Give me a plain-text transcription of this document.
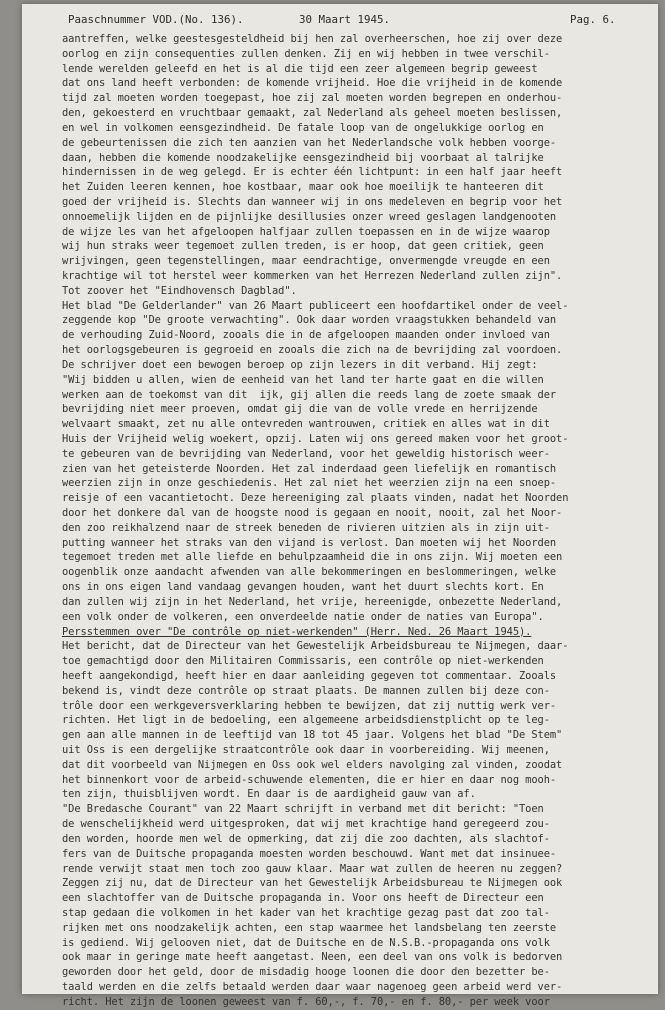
Paaschnummer VOD.(No. 136).	30 Maart 1945.	Pag. 6.
aantreffen, welke geestesgesteldheid bij hen zal overheerschen, hoe zij over deze
oorlog en zijn consequenties zullen denken. Zij en wij hebben in twee verschil-
lende werelden geleefd en het is al die tijd een zeer algemeen begrip geweest
dat ons land heeft verbonden: de komende vrijheid. Hoe die vrijheid in de komende
tijd zal moeten worden toegepast, hoe zij zal moeten worden begrepen en onderhou-
den, gekoesterd en vruchtbaar gemaakt, zal Nederland als geheel moeten beslissen,
en wel in volkomen eensgezindheid. De fatale loop van de ongelukkige oorlog en
de gebeurtenissen die zich ten aanzien van het Nederlandsche volk hebben voorge-
daan, hebben die komende noodzakelijke eensgezindheid bij voorbaat al talrijke
hindernissen in de weg gelegd. Er is echter één lichtpunt: in een half jaar heeft
het Zuiden leeren kennen, hoe kostbaar, maar ook hoe moeilijk te hanteeren dit
goed der vrijheid is. Slechts dan wanneer wij in ons medeleven en begrip voor het
onnoemelijk lijden en de pijnlijke desillusies onzer wreed geslagen landgenooten
de wijze les van het afgeloopen halfjaar zullen toepassen en in de wijze waarop
wij hun straks weer tegemoet zullen treden, is er hoop, dat geen critiek, geen
wrijvingen, geen tegenstellingen, maar eendrachtige, onvermengde vreugde en een
krachtige wil tot herstel weer kommerken van het Herrezen Nederland zullen zijn".
Tot zoover het "Eindhovensch Dagblad".
Het blad "De Gelderlander" van 26 Maart publiceert een hoofdartikel onder de veel-
zeggende kop "De groote verwachting". Ook daar worden vraagstukken behandeld van
de verhouding Zuid-Noord, zooals die in de afgeloopen maanden onder invloed van
het oorlogsgebeuren is gegroeid en zooals die zich na de bevrijding zal voordoen.
De schrijver doet een bewogen beroep op zijn lezers in dit verband. Hij zegt:
"Wij bidden u allen, wien de eenheid van het land ter harte gaat en die willen
werken aan de toekomst van dit  ijk, gij allen die reeds lang de zoete smaak der
bevrijding niet meer proeven, omdat gij die van de volle vrede en herrijzende
welvaart smaakt, zet nu alle ontevreden wantrouwen, critiek en alles wat in dit
Huis der Vrijheid welig woekert, opzij. Laten wij ons gereed maken voor het groot-
te gebeuren van de bevrijding van Nederland, voor het geweldig historisch weer-
zien van het geteisterde Noorden. Het zal inderdaad geen liefelijk en romantisch
weerzien zijn in onze geschiedenis. Het zal niet het weerzien zijn na een snoep-
reisje of een vacantietocht. Deze hereeniging zal plaats vinden, nadat het Noorden
door het donkere dal van de hoogste nood is gegaan en nooit, nooit, zal het Noor-
den zoo reikhalzend naar de streek beneden de rivieren uitzien als in zijn uit-
putting wanneer het straks van den vijand is verlost. Dan moeten wij het Noorden
tegemoet treden met alle liefde en behulpzaamheid die in ons zijn. Wij moeten een
oogenblik onze aandacht afwenden van alle bekommeringen en beslommeringen, welke
ons in ons eigen land vandaag gevangen houden, want het duurt slechts kort. En
dan zullen wij zijn in het Nederland, het vrije, hereenigde, onbezette Nederland,
een volk onder de volkeren, een onverdeelde natie onder de naties van Europa".
Persstemmen over "De contrôle op niet-werkenden" (Herr. Ned. 26 Maart 1945).
Het bericht, dat de Directeur van het Gewestelijk Arbeidsbureau te Nijmegen, daar-
toe gemachtigd door den Militairen Commissaris, een contrôle op niet-werkenden
heeft aangekondigd, heeft hier en daar aanleiding gegeven tot commentaar. Zooals
bekend is, vindt deze contrôle op straat plaats. De mannen zullen bij deze con-
trôle door een werkgeversverklaring hebben te bewijzen, dat zij nuttig werk ver-
richten. Het ligt in de bedoeling, een algemeene arbeidsdienstplicht op te leg-
gen aan alle mannen in de leeftijd van 18 tot 45 jaar. Volgens het blad "De Stem"
uit Oss is een dergelijke straatcontrôle ook daar in voorbereiding. Wij meenen,
dat dit voorbeeld van Nijmegen en Oss ook wel elders navolging zal vinden, zoodat
het binnenkort voor de arbeid-schuwende elementen, die er hier en daar nog mooh-
ten zijn, thuisblijven wordt. En daar is de aardigheid gauw van af.
"De Bredasche Courant" van 22 Maart schrijft in verband met dit bericht: "Toen
de wenschelijkheid werd uitgesproken, dat wij met krachtige hand geregeerd zou-
den worden, hoorde men wel de opmerking, dat zij die zoo dachten, als slachtof-
fers van de Duitsche propaganda moesten worden beschouwd. Want met dat insinuee-
rende verwijt staat men toch zoo gauw klaar. Maar wat zullen de heeren nu zeggen?
Zeggen zij nu, dat de Directeur van het Gewestelijk Arbeidsbureau te Nijmegen ook
een slachtoffer van de Duitsche propaganda in. Voor ons heeft de Directeur een
stap gedaan die volkomen in het kader van het krachtige gezag past dat zoo tal-
rijken met ons noodzakelijk achten, een stap waarmee het landsbelang ten zeerste
is gediend. Wij gelooven niet, dat de Duitsche en de N.S.B.-propaganda ons volk
ook maar in geringe mate heeft aangetast. Neen, een deel van ons volk is bedorven
geworden door het geld, door de misdadig hooge loonen die door den bezetter be-
taald werden en die zelfs betaald werden daar waar nagenoeg geen arbeid werd ver-
richt. Het zijn de loonen geweest van f. 60,-, f. 70,- en f. 80,- per week voor
